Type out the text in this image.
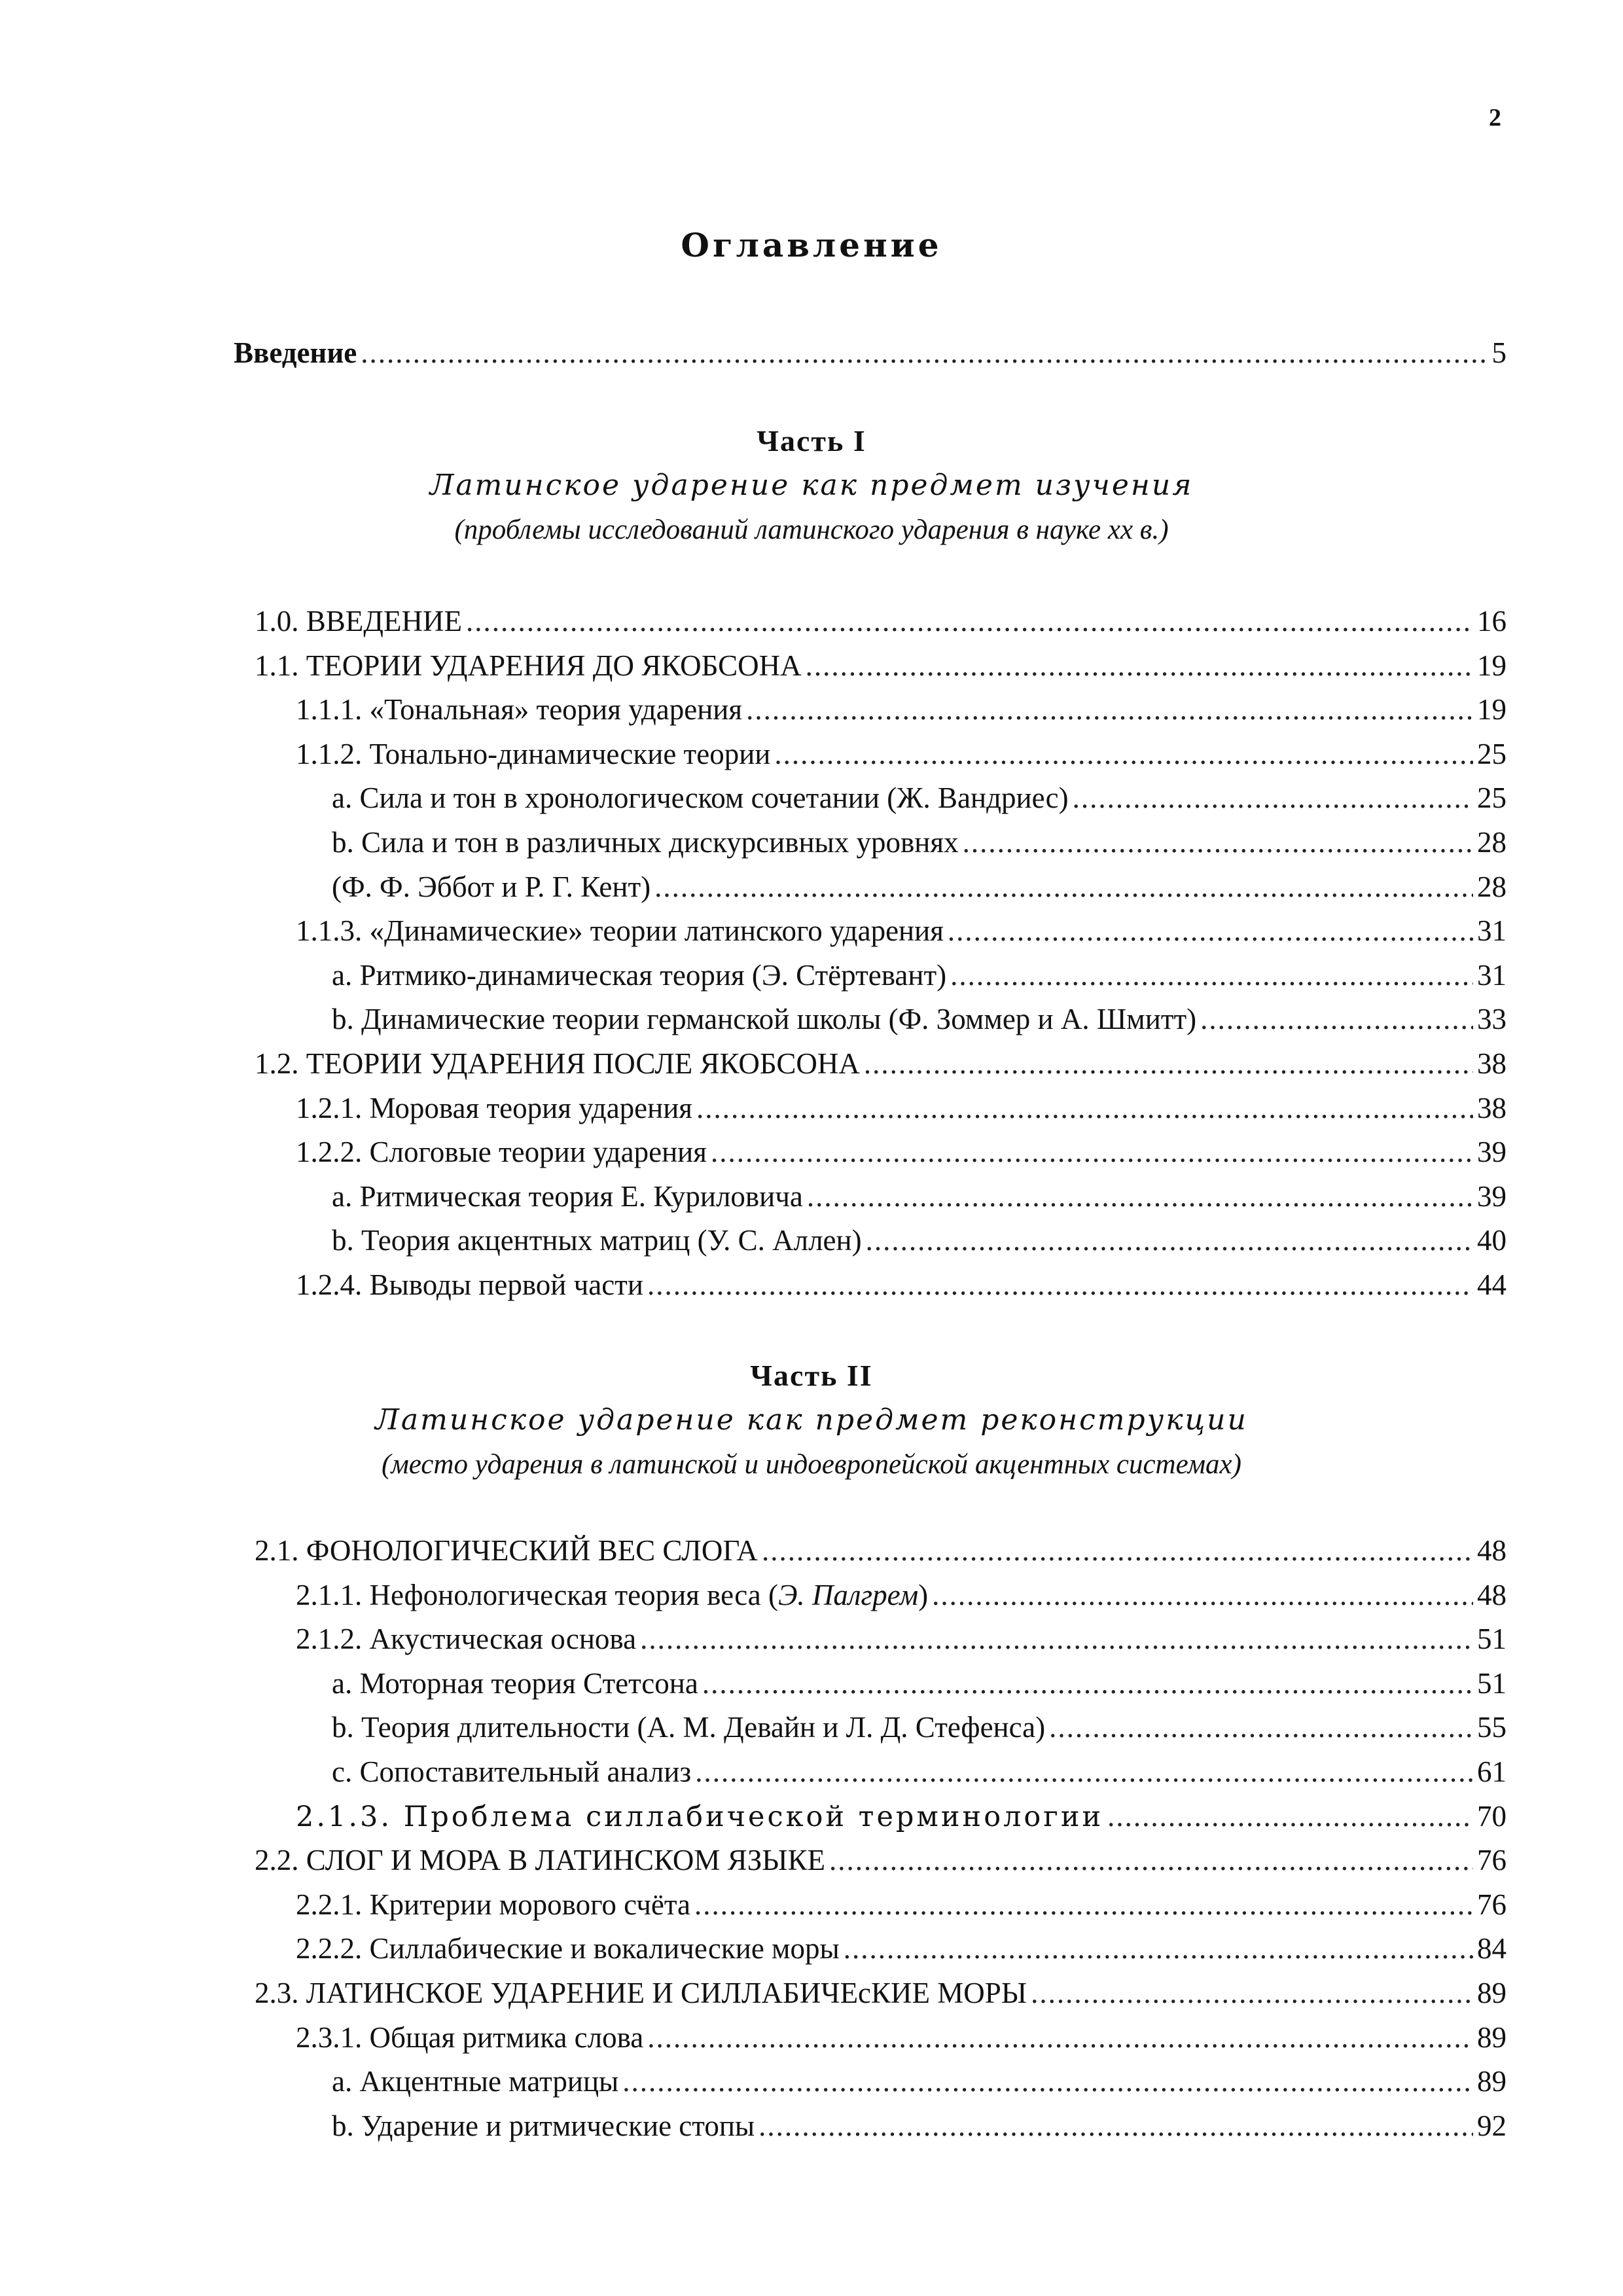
2
Оглавление
Введение .....	5
Часть I
Латинское ударение как предмет изучения
(проблемы исследований латинского ударения в науке xx в.)
1.0. ВВЕДЕНИЕ .....	16
1.1. ТЕОРИИ УДАРЕНИЯ ДО ЯКОБСОНА .....	19
1.1.1. «Тональная» теория ударения .....	19
1.1.2. Тонально-динамические теории .....	25
a. Сила и тон в хронологическом сочетании (Ж. Вандриес) .....	25
b. Сила и тон в различных дискурсивных уровнях .....	28
(Ф. Ф. Эббот и Р. Г. Кент) .....	28
1.1.3. «Динамические» теории латинского ударения .....	31
a. Ритмико-динамическая теория (Э. Стёртевант) .....	31
b. Динамические теории германской школы (Ф. Зоммер и А. Шмитт) .....	33
1.2. ТЕОРИИ УДАРЕНИЯ ПОСЛЕ ЯКОБСОНА .....	38
1.2.1. Моровая теория ударения .....	38
1.2.2. Слоговые теории ударения .....	39
a. Ритмическая теория Е. Куриловича .....	39
b. Теория акцентных матриц (У. С. Аллен) .....	40
1.2.4. Выводы первой части .....	44
Часть II
Латинское ударение как предмет реконструкции
(место ударения в латинской и индоевропейской акцентных системах)
2.1. ФОНОЛОГИЧЕСКИЙ ВЕС СЛОГА .....	48
2.1.1. Нефонологическая теория веса (Э. Палгрем) .....	48
2.1.2. Акустическая основа .....	51
a. Моторная теория Стетсона .....	51
b. Теория длительности (А. М. Девайн и Л. Д. Стефенса) .....	55
c. Сопоставительный анализ .....	61
2.1.3. Проблема силлабической терминологии .....	70
2.2. СЛОГ И МОРА В ЛАТИНСКОМ ЯЗЫКЕ .....	76
2.2.1. Критерии морового счёта .....	76
2.2.2. Силлабические и вокалические моры .....	84
2.3. ЛАТИНСКОЕ УДАРЕНИЕ И СИЛЛАБИЧЕсКИЕ МОРЫ .....	89
2.3.1. Общая ритмика слова .....	89
a. Акцентные матрицы .....	89
b. Ударение и ритмические стопы .....	92
